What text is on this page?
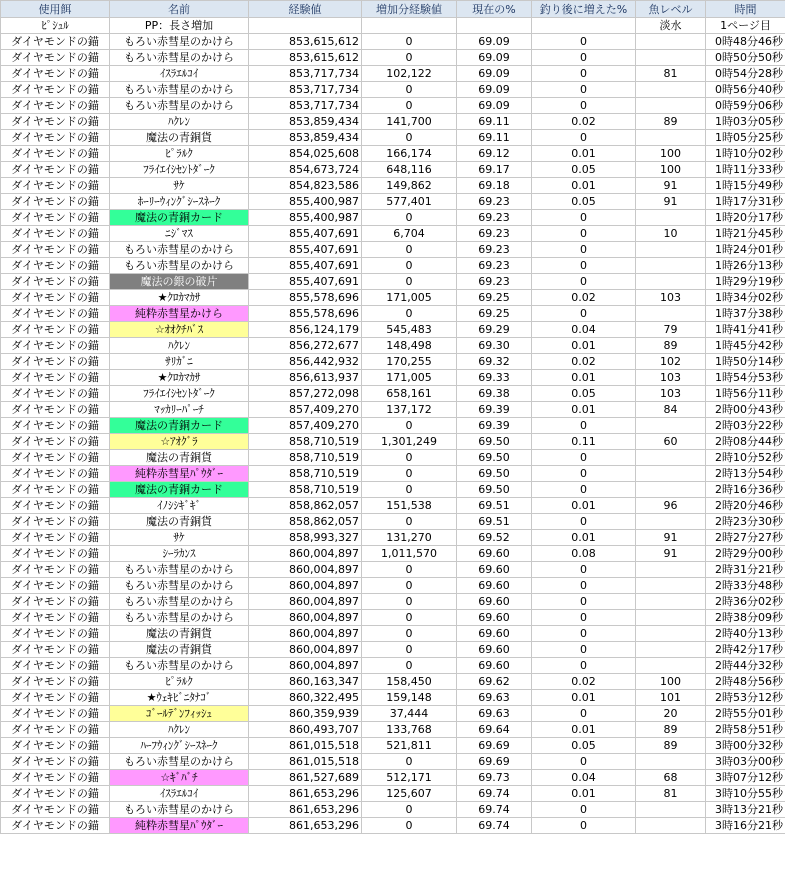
使用餌	名前	経験値	増加分経験値	現在の%	釣り後に増えた%	魚レベル	時間
ﾋﾟｼｭﾙ	PP：長さ増加					淡水	1ページ目
ダイヤモンドの錨	もろい赤彗星のかけら	853,615,612	0	69.09	0		0時48分46秒
ダイヤモンドの錨	もろい赤彗星のかけら	853,615,612	0	69.09	0		0時50分50秒
ダイヤモンドの錨	ｲｽﾗｴﾙｺｲ	853,717,734	102,122	69.09	0	81	0時54分28秒
ダイヤモンドの錨	もろい赤彗星のかけら	853,717,734	0	69.09	0		0時56分40秒
ダイヤモンドの錨	もろい赤彗星のかけら	853,717,734	0	69.09	0		0時59分06秒
ダイヤモンドの錨	ﾊｸﾚﾝ	853,859,434	141,700	69.11	0.02	89	1時03分05秒
ダイヤモンドの錨	魔法の青銅貨	853,859,434	0	69.11	0		1時05分25秒
ダイヤモンドの錨	ﾋﾟﾗﾙｸ	854,025,608	166,174	69.12	0.01	100	1時10分02秒
ダイヤモンドの錨	ﾌﾗｲｴｲｼｾﾝﾄﾀﾞｰｸ	854,673,724	648,116	69.17	0.05	100	1時11分33秒
ダイヤモンドの錨	ｻｹ	854,823,586	149,862	69.18	0.01	91	1時15分49秒
ダイヤモンドの錨	ﾎｰﾘｰｳｨﾝｸﾞｼｰｽﾈｰｸ	855,400,987	577,401	69.23	0.05	91	1時17分31秒
ダイヤモンドの錨	魔法の青銅カード	855,400,987	0	69.23	0		1時20分17秒
ダイヤモンドの錨	ﾆｼﾞﾏｽ	855,407,691	6,704	69.23	0	10	1時21分45秒
ダイヤモンドの錨	もろい赤彗星のかけら	855,407,691	0	69.23	0		1時24分01秒
ダイヤモンドの錨	もろい赤彗星のかけら	855,407,691	0	69.23	0		1時26分13秒
ダイヤモンドの錨	魔法の銀の破片	855,407,691	0	69.23	0		1時29分19秒
ダイヤモンドの錨	★ｸﾛｶﾏｶｻ	855,578,696	171,005	69.25	0.02	103	1時34分02秒
ダイヤモンドの錨	純粋赤彗星かけら	855,578,696	0	69.25	0		1時37分38秒
ダイヤモンドの錨	☆ｵｵｸﾁﾊﾞｽ	856,124,179	545,483	69.29	0.04	79	1時41分41秒
ダイヤモンドの錨	ﾊｸﾚﾝ	856,272,677	148,498	69.30	0.01	89	1時45分42秒
ダイヤモンドの錨	ｻﾘｶﾞﾆ	856,442,932	170,255	69.32	0.02	102	1時50分14秒
ダイヤモンドの錨	★ｸﾛｶﾏｶｻ	856,613,937	171,005	69.33	0.01	103	1時54分53秒
ダイヤモンドの錨	ﾌﾗｲｴｲｼｾﾝﾄﾀﾞｰｸ	857,272,098	658,161	69.38	0.05	103	1時56分11秒
ダイヤモンドの錨	ﾏｯｶﾘｰﾊﾟｰﾁ	857,409,270	137,172	69.39	0.01	84	2時00分43秒
ダイヤモンドの錨	魔法の青銅カード	857,409,270	0	69.39	0		2時03分22秒
ダイヤモンドの錨	☆ｱｵｸﾞﾗ	858,710,519	1,301,249	69.50	0.11	60	2時08分44秒
ダイヤモンドの錨	魔法の青銅貨	858,710,519	0	69.50	0		2時10分52秒
ダイヤモンドの錨	純粋赤彗星ﾊﾟｳﾀﾞｰ	858,710,519	0	69.50	0		2時13分54秒
ダイヤモンドの錨	魔法の青銅カード	858,710,519	0	69.50	0		2時16分36秒
ダイヤモンドの錨	ｲﾉｼｼｷﾞｷﾞ	858,862,057	151,538	69.51	0.01	96	2時20分46秒
ダイヤモンドの錨	魔法の青銅貨	858,862,057	0	69.51	0		2時23分30秒
ダイヤモンドの錨	ｻｹ	858,993,327	131,270	69.52	0.01	91	2時27分27秒
ダイヤモンドの錨	ｼｰﾗｶﾝｽ	860,004,897	1,011,570	69.60	0.08	91	2時29分00秒
ダイヤモンドの錨	もろい赤彗星のかけら	860,004,897	0	69.60	0		2時31分21秒
ダイヤモンドの錨	もろい赤彗星のかけら	860,004,897	0	69.60	0		2時33分48秒
ダイヤモンドの錨	もろい赤彗星のかけら	860,004,897	0	69.60	0		2時36分02秒
ダイヤモンドの錨	もろい赤彗星のかけら	860,004,897	0	69.60	0		2時38分09秒
ダイヤモンドの錨	魔法の青銅貨	860,004,897	0	69.60	0		2時40分13秒
ダイヤモンドの錨	魔法の青銅貨	860,004,897	0	69.60	0		2時42分17秒
ダイヤモンドの錨	もろい赤彗星のかけら	860,004,897	0	69.60	0		2時44分32秒
ダイヤモンドの錨	ﾋﾟﾗﾙｸ	860,163,347	158,450	69.62	0.02	100	2時48分56秒
ダイヤモンドの錨	★ｳｪｷﾋﾞﾆﾀﾅｺﾞ	860,322,495	159,148	69.63	0.01	101	2時53分12秒
ダイヤモンドの錨	ｺﾞｰﾙﾃﾞﾝﾌｨｯｼｭ	860,359,939	37,444	69.63	0	20	2時55分01秒
ダイヤモンドの錨	ﾊｸﾚﾝ	860,493,707	133,768	69.64	0.01	89	2時58分51秒
ダイヤモンドの錨	ﾊｰﾌｳｨﾝｸﾞｼｰｽﾈｰｸ	861,015,518	521,811	69.69	0.05	89	3時00分32秒
ダイヤモンドの錨	もろい赤彗星のかけら	861,015,518	0	69.69	0		3時03分00秒
ダイヤモンドの錨	☆ｷﾞﾊﾞﾁ	861,527,689	512,171	69.73	0.04	68	3時07分12秒
ダイヤモンドの錨	ｲｽﾗｴﾙｺｲ	861,653,296	125,607	69.74	0.01	81	3時10分55秒
ダイヤモンドの錨	もろい赤彗星のかけら	861,653,296	0	69.74	0		3時13分21秒
ダイヤモンドの錨	純粋赤彗星ﾊﾟｳﾀﾞｰ	861,653,296	0	69.74	0		3時16分21秒
